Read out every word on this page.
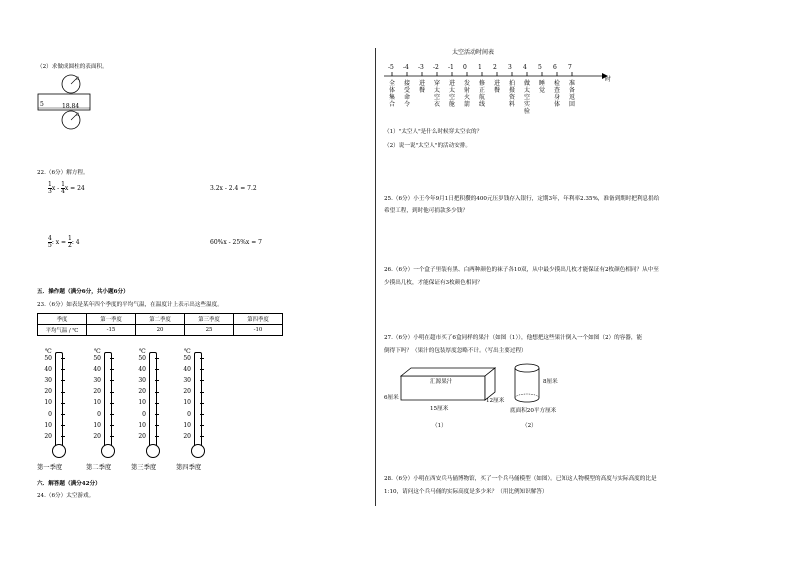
（2）求做成圆柱的表面积。
3
5	18.84
3
22.（6分）解方程。
$\frac{1}{3}$ x - $\frac{1}{4}$ x = 24	3.2x - 2.4 = 7.2
$\frac{4}{5}$ : $x = \frac{1}{2}$ : 4	60%x - 25%x = 7
五．操作题（满分6分，共小题6分）
23.（6分）如表是某年四个季度的平均气温，在温度计上表示出这些温度。
季度	第一季度	第二季度	第三季度	第四季度
平均气温 / ℃	-15	20	25	-10
℃
50
40
30
20
10
0
10
20
第一季度
℃
50
40
30
20
10
0
10
20
第二季度
℃
50
40
30
20
10
0
10
20
第三季度
℃
50
40
30
20
10
0
10
20
第四季度
六．解答题（满分42分）
24.（6分）太空游戏。
太空活动时间表
-5 -4 -3 -2 -1 0 1 2 3 4 5 6 7
时
全
体
集
合
接
受
命
令
进
餐
穿
太
空
衣
进
太
空
舱
发
射
火
箭
修
正
航
线
进
餐
拍
摄
资
料
做
太
空
实
验
睡
觉
检
查
身
体
准
备
返
回
（1）"太空人"是什么时候穿太空衣的？
（2）说一说"太空人"的活动安排。
25.（6分）小王今年9月1日把积攒的400元压岁钱存入银行，定期3年，年利率2.35%，准备到期时把利息捐给
希望工程，到时他可捐款多少钱？
26.（6分）一个盒子里装有黑、白两种颜色的袜子各10双，从中最少摸出几枚才能保证有2枚颜色相同？从中至
少摸出几枚，才能保证有3枚颜色相同？
27.（6分）小明在超市买了6盒同样的果汁（如图（1）），他想把这些果汁倒入一个如图（2）的容器，能
倒得下吗？（果汁的包装厚度忽略不计。（写出主要过程）
汇源果汁
6厘米
15厘米
12厘米
8厘米
底面积20平方厘米
（1）	（2）
28.（6分）小明在西安兵马俑博物馆，买了一个兵马俑模型（如图）。已知这人物模型的高度与实际高度的比是
1:10，请问这个兵马俑的实际高度是多少米？（用比例知识解答）
